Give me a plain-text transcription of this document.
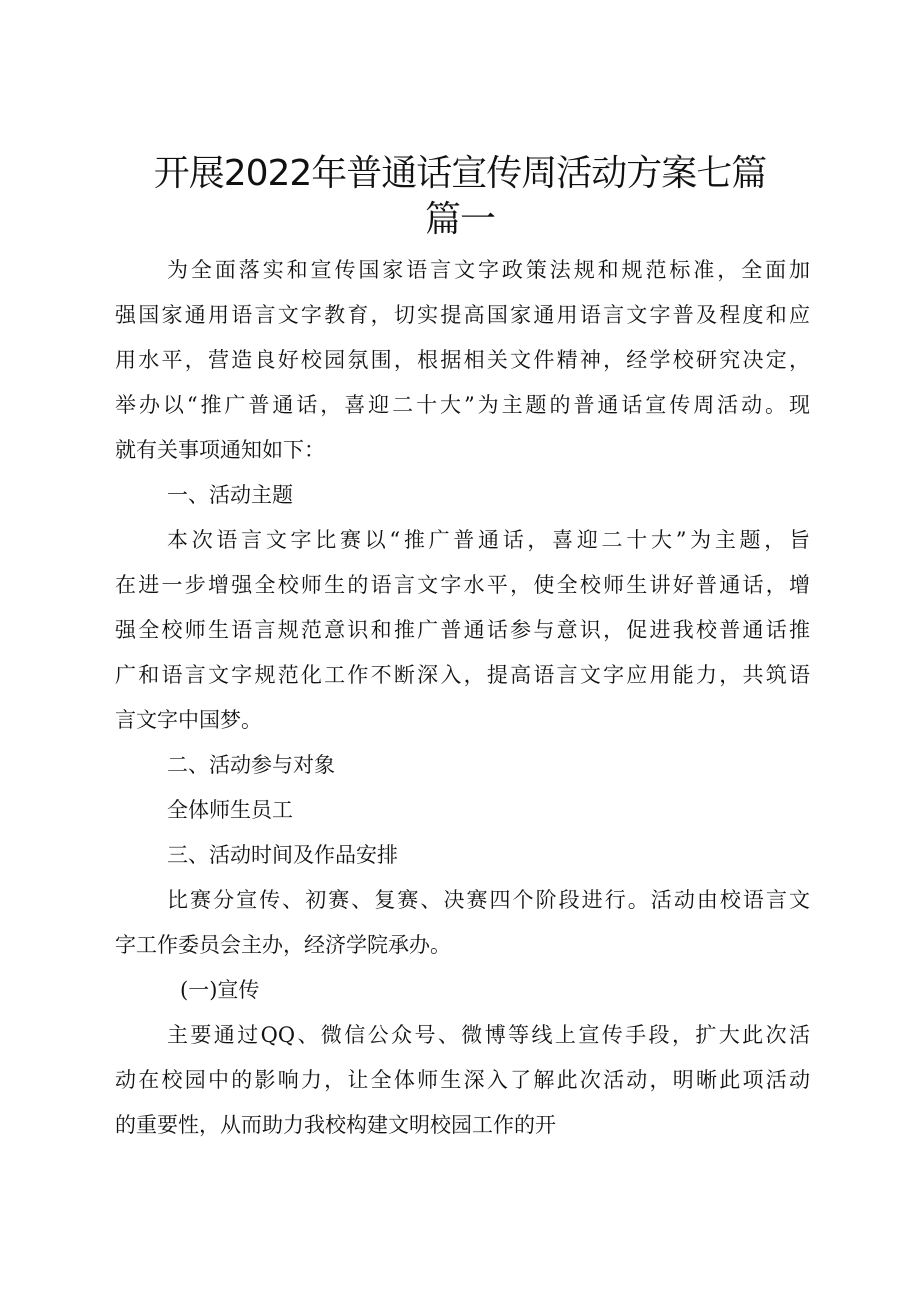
开展2022年普通话宣传周活动方案七篇
篇一
为全面落实和宣传国家语言文字政策法规和规范标准，全面加
强国家通用语言文字教育，切实提高国家通用语言文字普及程度和应
用水平，营造良好校园氛围，根据相关文件精神，经学校研究决定，
举办以“推广普通话，喜迎二十大”为主题的普通话宣传周活动。现
就有关事项通知如下：
一、活动主题
本次语言文字比赛以“推广普通话，喜迎二十大”为主题，旨
在进一步增强全校师生的语言文字水平，使全校师生讲好普通话，增
强全校师生语言规范意识和推广普通话参与意识，促进我校普通话推
广和语言文字规范化工作不断深入，提高语言文字应用能力，共筑语
言文字中国梦。
二、活动参与对象
全体师生员工
三、活动时间及作品安排
比赛分宣传、初赛、复赛、决赛四个阶段进行。活动由校语言文
字工作委员会主办，经济学院承办。
(一)宣传
主要通过QQ、微信公众号、微博等线上宣传手段，扩大此次活
动在校园中的影响力，让全体师生深入了解此次活动，明晰此项活动
的重要性，从而助力我校构建文明校园工作的开
